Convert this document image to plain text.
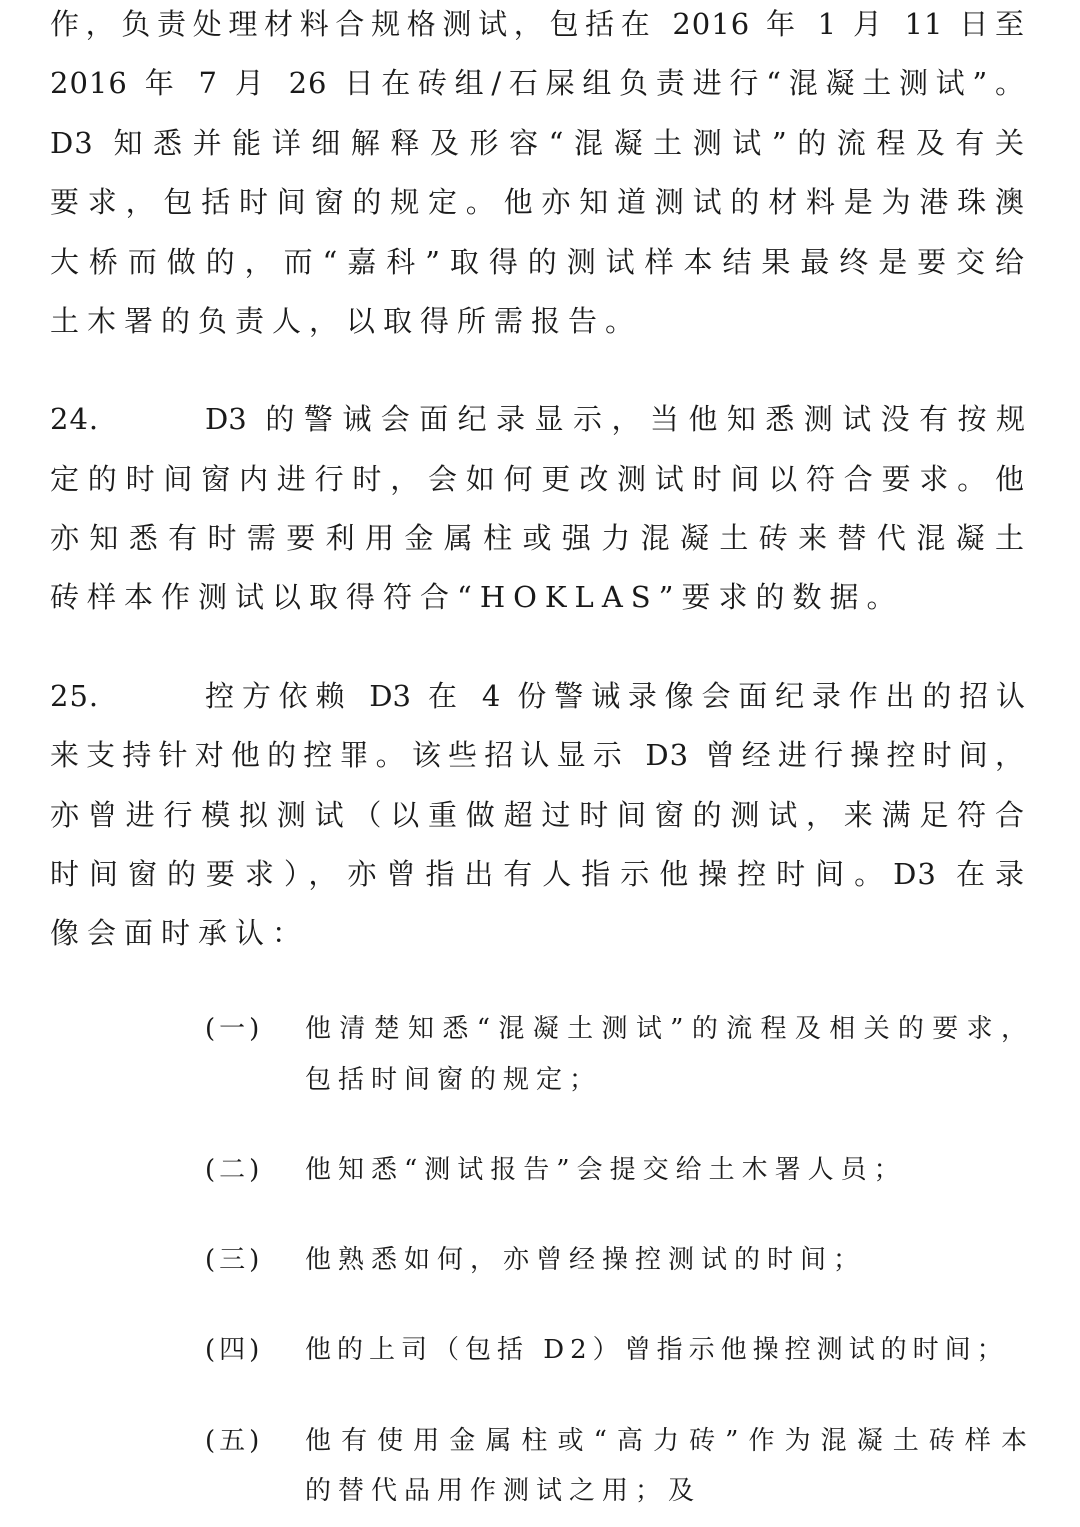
作，负责处理材料合规格测试，包括在 2016 年 1 月 11 日至
2016 年 7 月 26 日在砖组/石屎组负责进行“混凝土测试”。
D3 知悉并能详细解释及形容“混凝土测试”的流程及有关
要求，包括时间窗的规定。他亦知道测试的材料是为港珠澳
大桥而做的，而“嘉科”取得的测试样本结果最终是要交给
土木署的负责人，以取得所需报告。
24.	D3 的警诫会面纪录显示，当他知悉测试没有按规
定的时间窗内进行时，会如何更改测试时间以符合要求。他
亦知悉有时需要利用金属柱或强力混凝土砖来替代混凝土
砖样本作测试以取得符合“HOKLAS”要求的数据。
25.	控方依赖 D3 在 4 份警诫录像会面纪录作出的招认
来支持针对他的控罪。该些招认显示 D3 曾经进行操控时间，
亦曾进行模拟测试（以重做超过时间窗的测试，来满足符合
时间窗的要求），亦曾指出有人指示他操控时间。D3 在录
像会面时承认：
(一) 他清楚知悉“混凝土测试”的流程及相关的要求，
包括时间窗的规定；
(二) 他知悉“测试报告”会提交给土木署人员；
(三) 他熟悉如何，亦曾经操控测试的时间；
(四) 他的上司（包括 D2）曾指示他操控测试的时间；
(五) 他有使用金属柱或“高力砖”作为混凝土砖样本
的替代品用作测试之用；及
